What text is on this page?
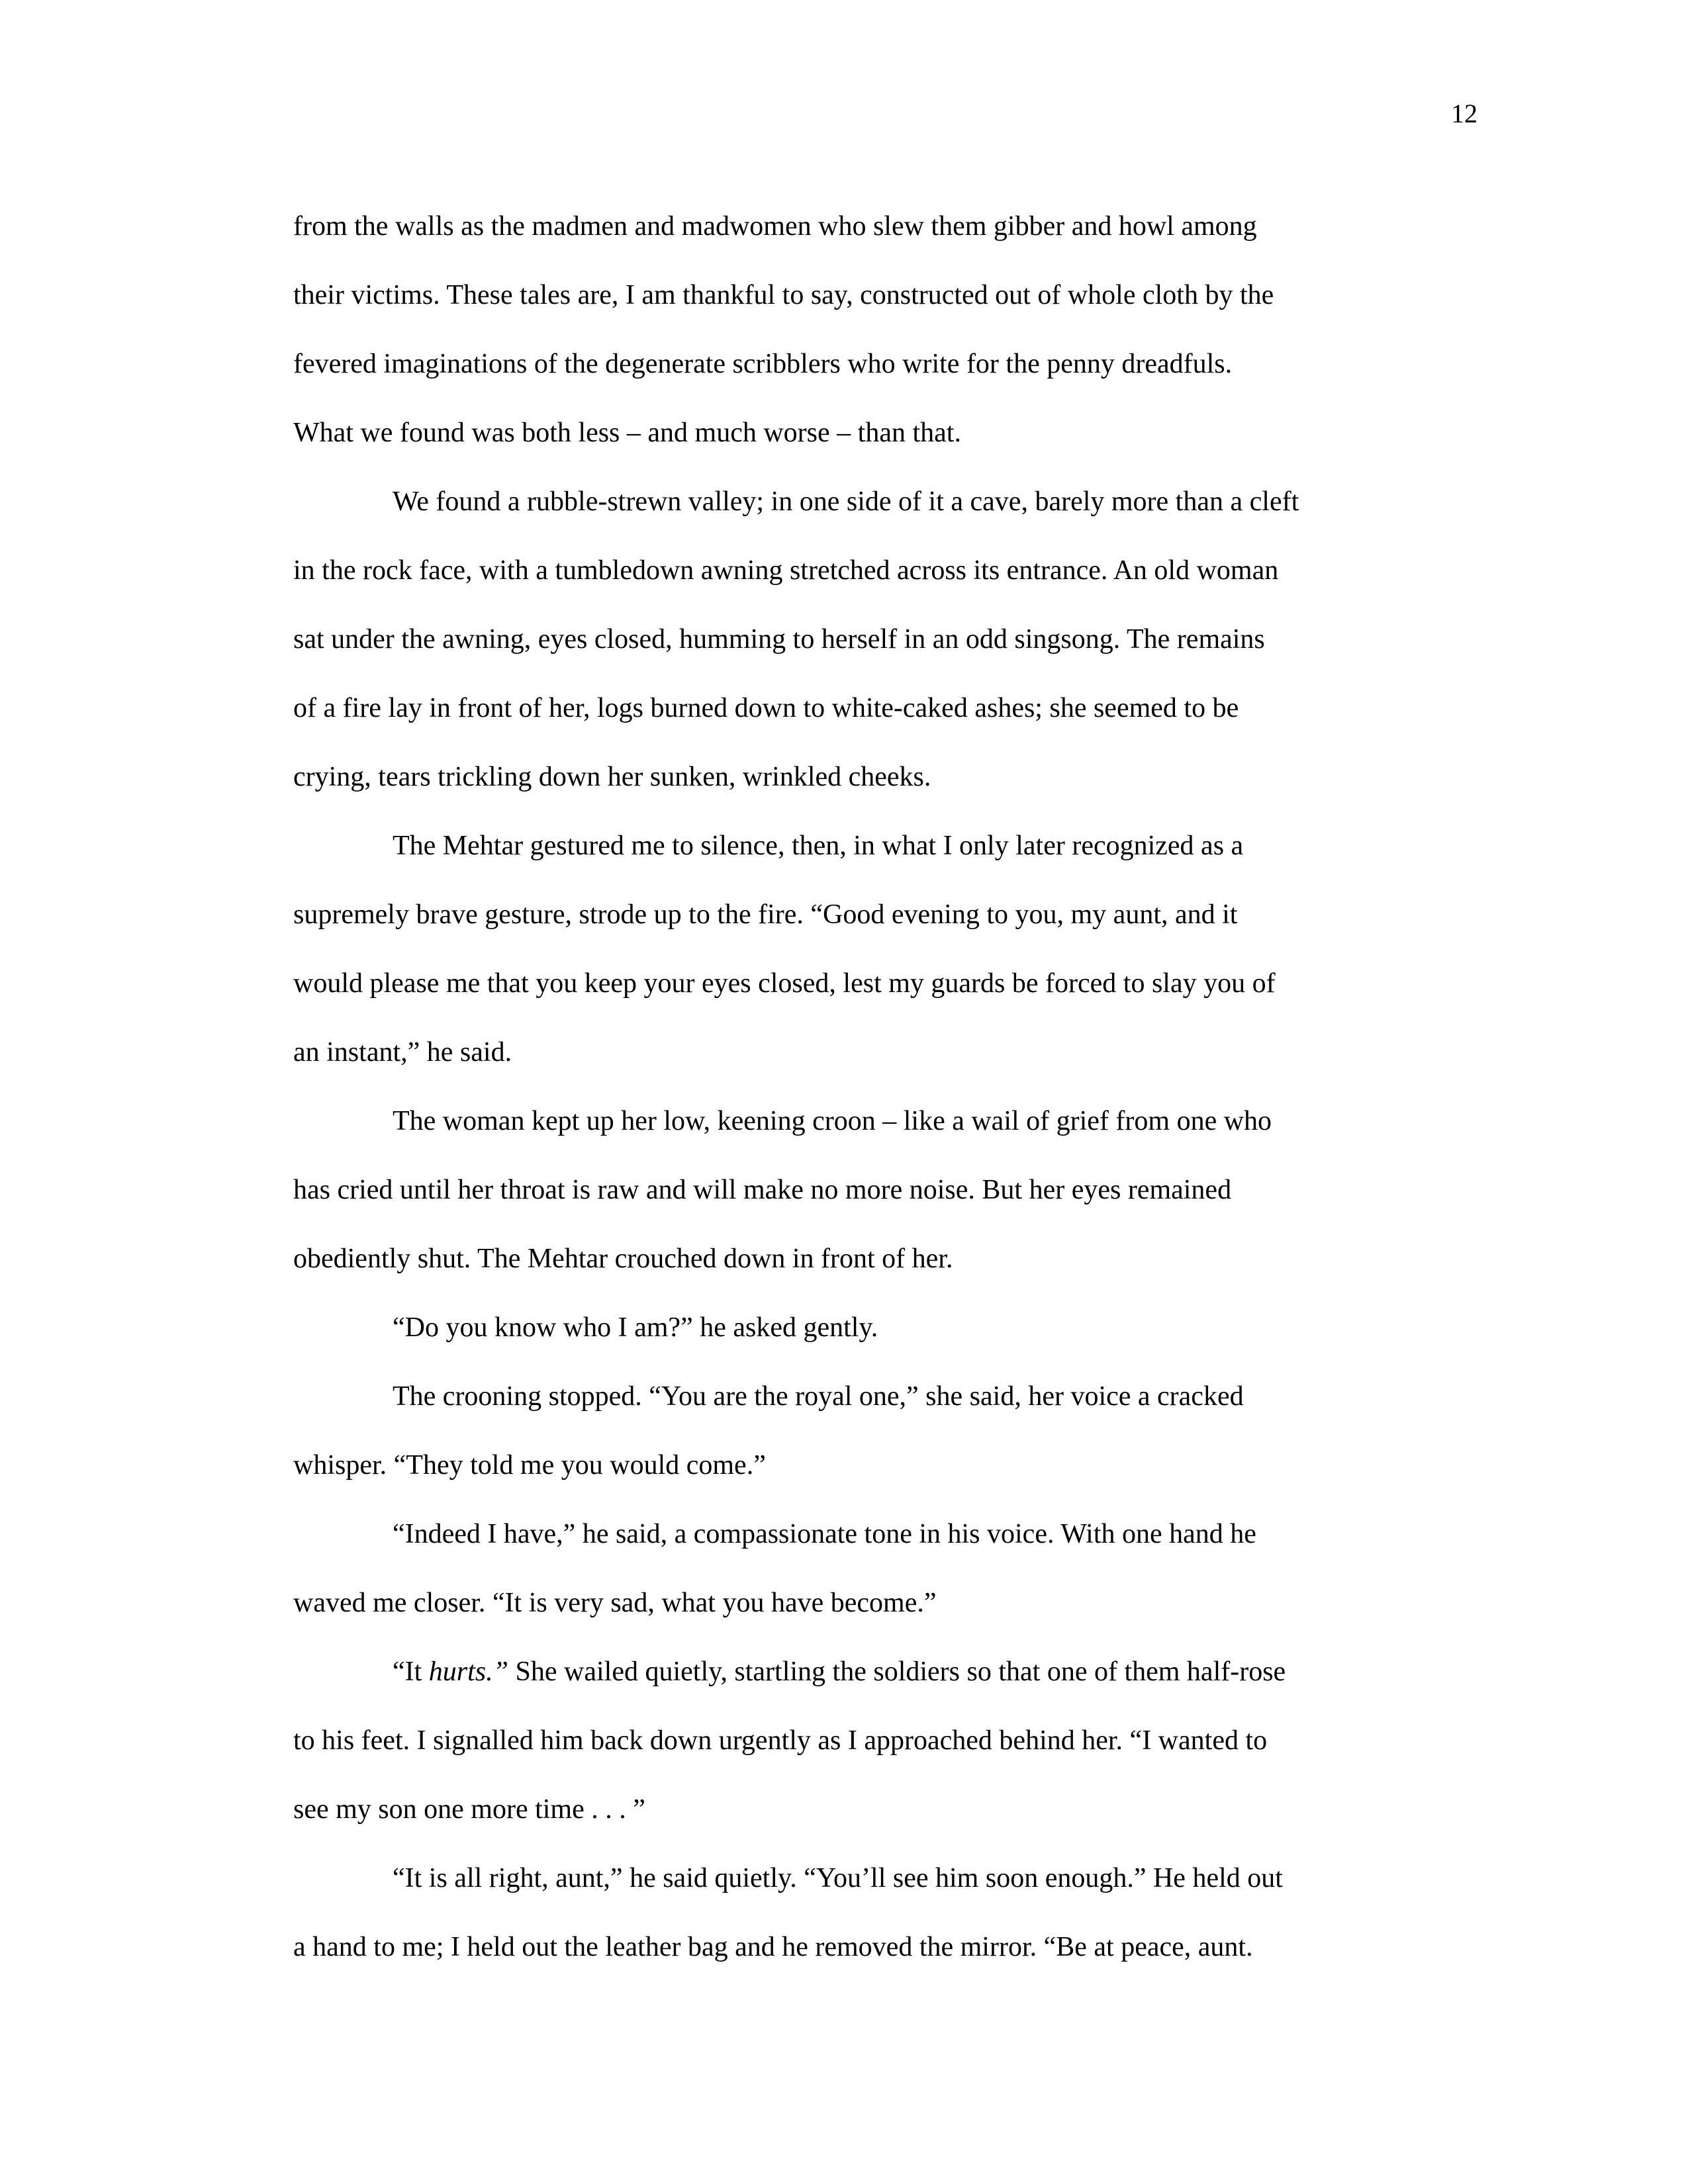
12

from the walls as the madmen and madwomen who slew them gibber and howl among
their victims. These tales are, I am thankful to say, constructed out of whole cloth by the
fevered imaginations of the degenerate scribblers who write for the penny dreadfuls.
What we found was both less – and much worse – than that.

We found a rubble-strewn valley; in one side of it a cave, barely more than a cleft
in the rock face, with a tumbledown awning stretched across its entrance. An old woman
sat under the awning, eyes closed, humming to herself in an odd singsong. The remains
of a fire lay in front of her, logs burned down to white-caked ashes; she seemed to be
crying, tears trickling down her sunken, wrinkled cheeks.

The Mehtar gestured me to silence, then, in what I only later recognized as a
supremely brave gesture, strode up to the fire. “Good evening to you, my aunt, and it
would please me that you keep your eyes closed, lest my guards be forced to slay you of
an instant,” he said.

The woman kept up her low, keening croon – like a wail of grief from one who
has cried until her throat is raw and will make no more noise. But her eyes remained
obediently shut. The Mehtar crouched down in front of her.

“Do you know who I am?” he asked gently.

The crooning stopped. “You are the royal one,” she said, her voice a cracked
whisper. “They told me you would come.”

“Indeed I have,” he said, a compassionate tone in his voice. With one hand he
waved me closer. “It is very sad, what you have become.”

“It hurts.” She wailed quietly, startling the soldiers so that one of them half-rose
to his feet. I signalled him back down urgently as I approached behind her. “I wanted to
see my son one more time . . . ”

“It is all right, aunt,” he said quietly. “You’ll see him soon enough.” He held out
a hand to me; I held out the leather bag and he removed the mirror. “Be at peace, aunt.
